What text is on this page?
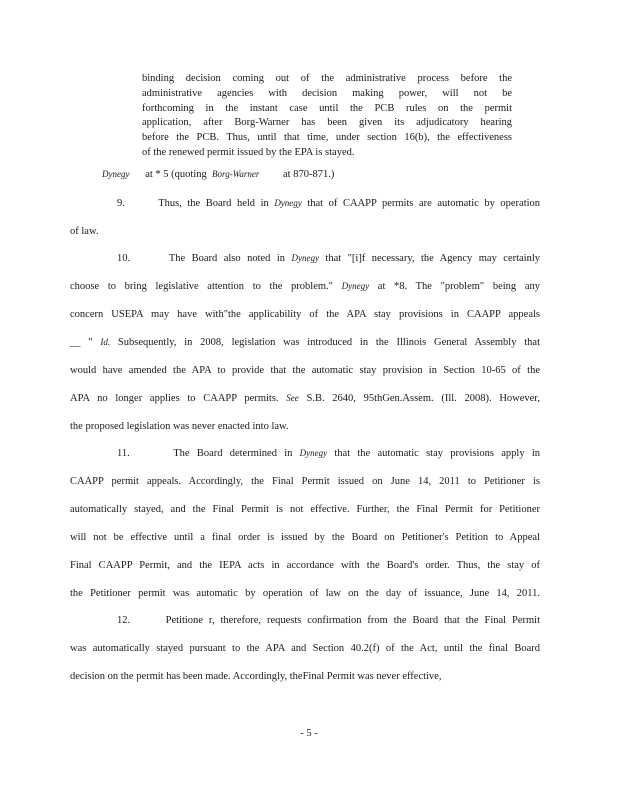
binding decision coming out of the administrative process before the
administrative agencies with decision making power, will not be
forthcoming in the instant case until the PCB rules on the permit
application, after Borg-Warner has been given its adjudicatory hearing
before the PCB. Thus, until that time, under section 16(b), the effectiveness
of the renewed permit issued by the EPA is stayed.
Dynegy at * 5 (quoting Borg-Warner at 870-871.)
9.	Thus, the Board held in Dynegy that of CAAPP permits are automatic by operation
of law.
10.	The Board also noted in Dynegy that "[i]f necessary, the Agency may certainly
choose to bring legislative attention to the problem." Dynegy at *8. The "problem" being any
concern USEPA may have with"the applicability of the APA stay provisions in CAAPP appeals
__ " Id. Subsequently, in 2008, legislation was introduced in the Illinois General Assembly that
would have amended the APA to provide that the automatic stay provision in Section 10-65 of the
APA no longer applies to CAAPP permits. See S.B. 2640, 95thGen.Assem. (Ill. 2008). However,
the proposed legislation was never enacted into law.
11.	The Board determined in Dynegy that the automatic stay provisions apply in
CAAPP permit appeals. Accordingly, the Final Permit issued on June 14, 2011 to Petitioner is
automatically stayed, and the Final Permit is not effective. Further, the Final Permit for Petitioner
will not be effective until a final order is issued by the Board on Petitioner's Petition to Appeal
Final CAAPP Permit, and the IEPA acts in accordance with the Board's order. Thus, the stay of
the Petitioner permit was automatic by operation of law on the day of issuance, June 14, 2011.
12.	Petitione r, therefore, requests confirmation from the Board that the Final Permit
was automatically stayed pursuant to the APA and Section 40.2(f) of the Act, until the final Board
decision on the permit has been made. Accordingly, theFinal Permit was never effective,
- 5 -
